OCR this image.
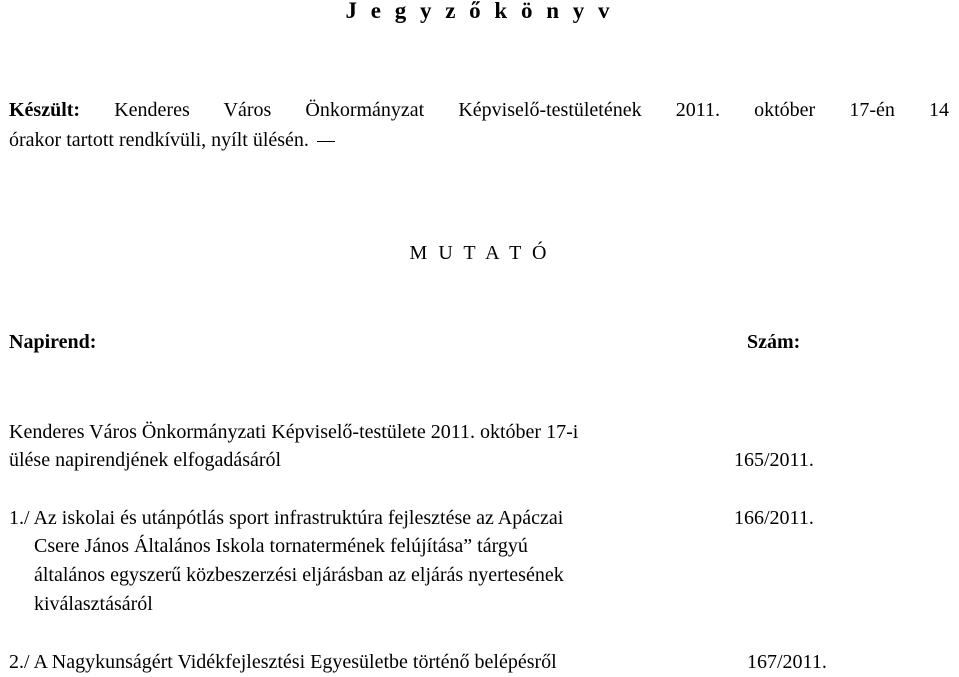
J e g y z ő k ö n y v
Készült: Kenderes Város Önkormányzat Képviselő-testületének 2011. október 17-én 14
órakor tartott rendkívüli, nyílt ülésén.
M U T A T Ó
Napirend:	Szám:
Kenderes Város Önkormányzati Képviselő-testülete 2011. október 17-i
ülése napirendjének elfogadásáról	165/2011.
1./ Az iskolai és utánpótlás sport infrastruktúra fejlesztése az Apáczai	166/2011.
Csere János Általános Iskola tornatermének felújítása” tárgyú
általános egyszerű közbeszerzési eljárásban az eljárás nyertesének
kiválasztásáról
2./ A Nagykunságért Vidékfejlesztési Egyesületbe történő belépésről	167/2011.
